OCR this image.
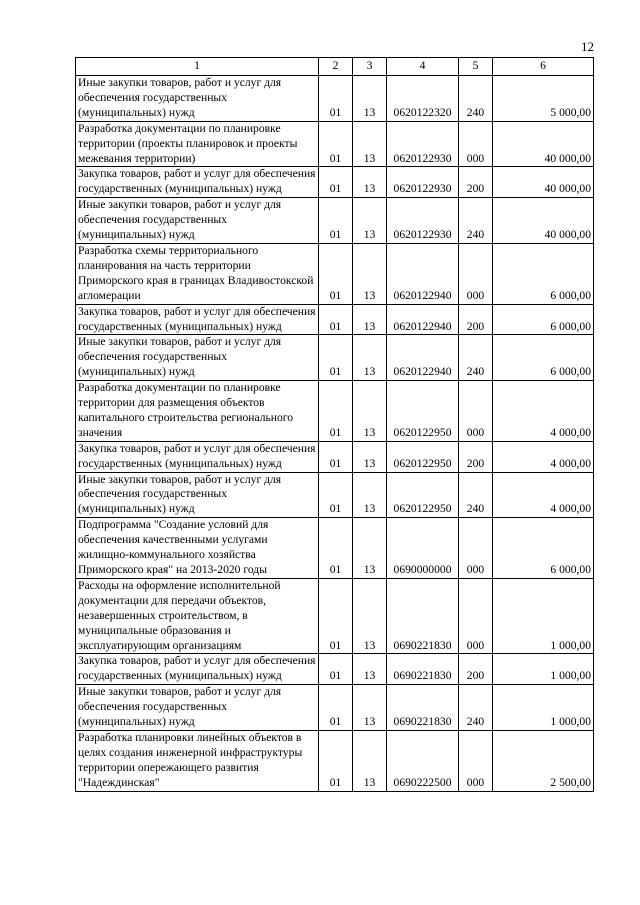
12
1	2	3	4	5	6
Иные закупки товаров, работ и услуг для обеспечения государственных (муниципальных) нужд	01	13	0620122320	240	5 000,00
Разработка документации по планировке территории (проекты планировок и проекты межевания территории)	01	13	0620122930	000	40 000,00
Закупка товаров, работ и услуг для обеспечения государственных (муниципальных) нужд	01	13	0620122930	200	40 000,00
Иные закупки товаров, работ и услуг для обеспечения государственных (муниципальных) нужд	01	13	0620122930	240	40 000,00
Разработка схемы территориального планирования на часть территории Приморского края в границах Владивостокской агломерации	01	13	0620122940	000	6 000,00
Закупка товаров, работ и услуг для обеспечения государственных (муниципальных) нужд	01	13	0620122940	200	6 000,00
Иные закупки товаров, работ и услуг для обеспечения государственных (муниципальных) нужд	01	13	0620122940	240	6 000,00
Разработка документации по планировке территории для размещения объектов капитального строительства регионального значения	01	13	0620122950	000	4 000,00
Закупка товаров, работ и услуг для обеспечения государственных (муниципальных) нужд	01	13	0620122950	200	4 000,00
Иные закупки товаров, работ и услуг для обеспечения государственных (муниципальных) нужд	01	13	0620122950	240	4 000,00
Подпрограмма "Создание условий для обеспечения качественными услугами жилищно-коммунального хозяйства Приморского края" на 2013-2020 годы	01	13	0690000000	000	6 000,00
Расходы на оформление исполнительной документации для передачи объектов, незавершенных строительством, в муниципальные образования и эксплуатирующим организациям	01	13	0690221830	000	1 000,00
Закупка товаров, работ и услуг для обеспечения государственных (муниципальных) нужд	01	13	0690221830	200	1 000,00
Иные закупки товаров, работ и услуг для обеспечения государственных (муниципальных) нужд	01	13	0690221830	240	1 000,00
Разработка планировки линейных объектов в целях создания инженерной инфраструктуры территории опережающего развития "Надеждинская"	01	13	0690222500	000	2 500,00
